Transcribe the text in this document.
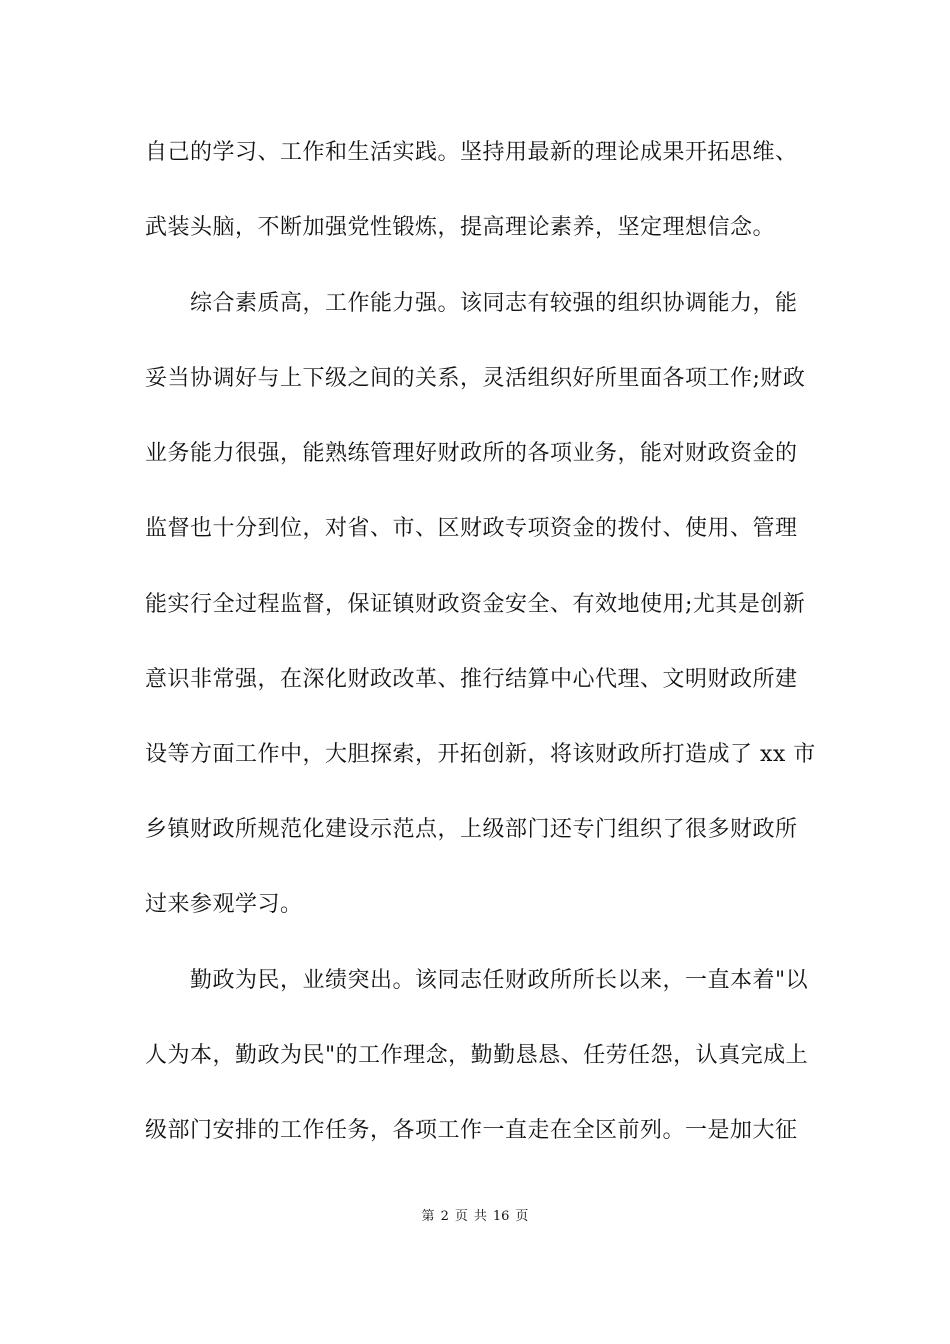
自己的学习、工作和生活实践。坚持用最新的理论成果开拓思维、
武装头脑，不断加强党性锻炼，提高理论素养，坚定理想信念。
综合素质高，工作能力强。该同志有较强的组织协调能力，能
妥当协调好与上下级之间的关系，灵活组织好所里面各项工作;财政
业务能力很强，能熟练管理好财政所的各项业务，能对财政资金的
监督也十分到位，对省、市、区财政专项资金的拨付、使用、管理
能实行全过程监督，保证镇财政资金安全、有效地使用;尤其是创新
意识非常强，在深化财政改革、推行结算中心代理、文明财政所建
设等方面工作中，大胆探索，开拓创新，将该财政所打造成了 xx 市
乡镇财政所规范化建设示范点，上级部门还专门组织了很多财政所
过来参观学习。
勤政为民，业绩突出。该同志任财政所所长以来，一直本着"以
人为本，勤政为民"的工作理念，勤勤恳恳、任劳任怨，认真完成上
级部门安排的工作任务，各项工作一直走在全区前列。一是加大征
第 2 页 共 16 页
